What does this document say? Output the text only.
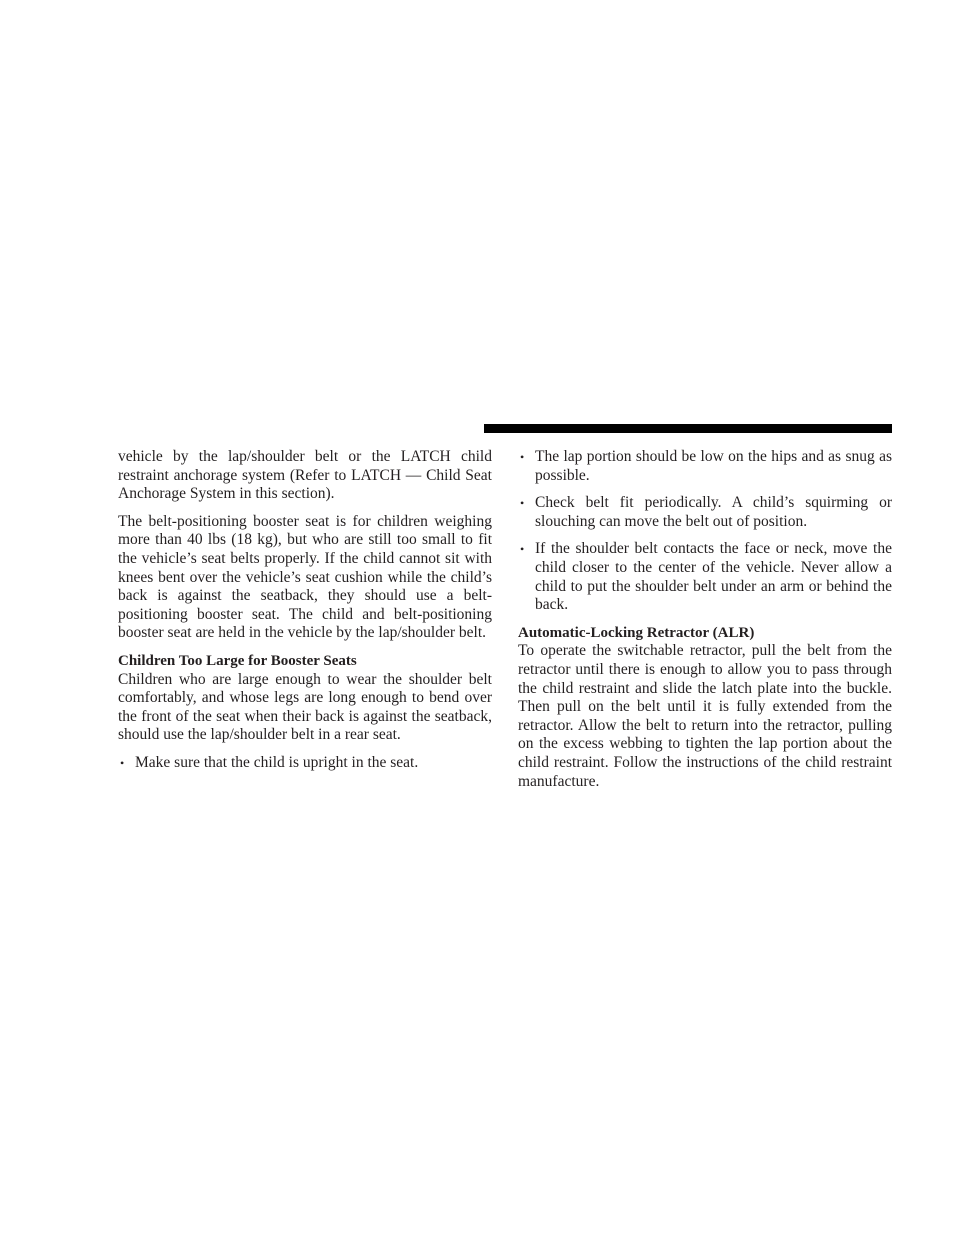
vehicle by the lap/shoulder belt or the LATCH child restraint anchorage system (Refer to LATCH — Child Seat Anchorage System in this section).

The belt-positioning booster seat is for children weighing more than 40 lbs (18 kg), but who are still too small to fit the vehicle’s seat belts properly. If the child cannot sit with knees bent over the vehicle’s seat cushion while the child’s back is against the seatback, they should use a belt-positioning booster seat. The child and belt-positioning booster seat are held in the vehicle by the lap/shoulder belt.

Children Too Large for Booster Seats

Children who are large enough to wear the shoulder belt comfortably, and whose legs are long enough to bend over the front of the seat when their back is against the seatback, should use the lap/shoulder belt in a rear seat.

• Make sure that the child is upright in the seat.
• The lap portion should be low on the hips and as snug as possible.
• Check belt fit periodically. A child’s squirming or slouching can move the belt out of position.
• If the shoulder belt contacts the face or neck, move the child closer to the center of the vehicle. Never allow a child to put the shoulder belt under an arm or behind the back.
Automatic-Locking Retractor (ALR)

To operate the switchable retractor, pull the belt from the retractor until there is enough to allow you to pass through the child restraint and slide the latch plate into the buckle. Then pull on the belt until it is fully extended from the retractor. Allow the belt to return into the retractor, pulling on the excess webbing to tighten the lap portion about the child restraint. Follow the instructions of the child restraint manufacture.
